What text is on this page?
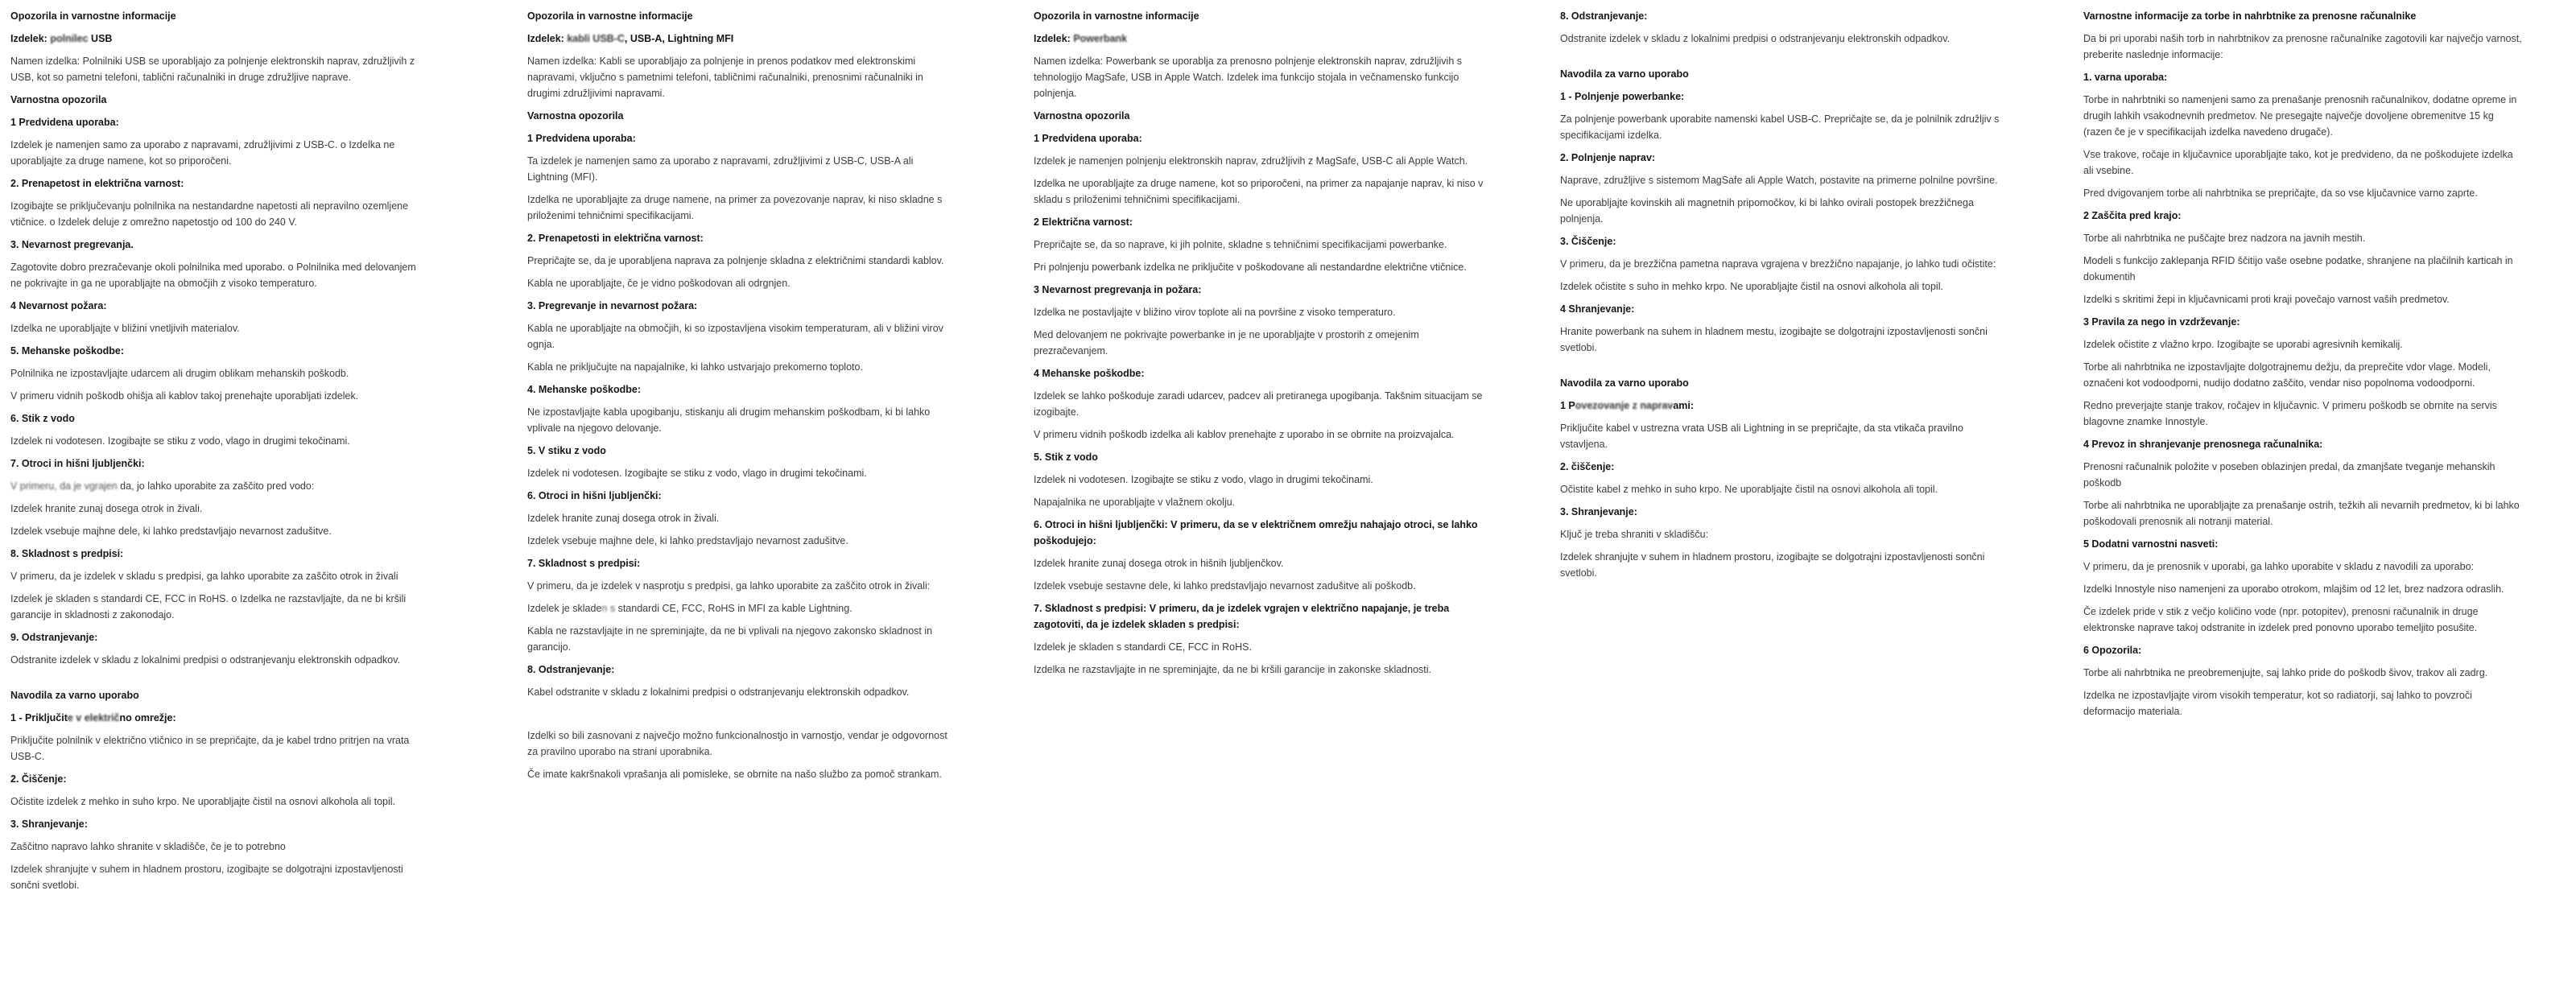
Opozorila in varnostne informacije
Izdelek: polnilec USB
Namen izdelka: Polnilniki USB se uporabljajo za polnjenje elektronskih naprav, združljivih z USB, kot so pametni telefoni, tablični računalniki in druge združljive naprave.
Varnostna opozorila
1 Predvidena uporaba:
Izdelek je namenjen samo za uporabo z napravami, združljivimi z USB-C. o Izdelka ne uporabljajte za druge namene, kot so priporočeni.
2. Prenapetost in električna varnost:
Izogibajte se priključevanju polnilnika na nestandardne napetosti ali nepravilno ozemljene vtičnice. o Izdelek deluje z omrežno napetostjo od 100 do 240 V.
3. Nevarnost pregrevanja.
Zagotovite dobro prezračevanje okoli polnilnika med uporabo. o Polnilnika med delovanjem ne pokrivajte in ga ne uporabljajte na območjih z visoko temperaturo.
4 Nevarnost požara:
Izdelka ne uporabljajte v bližini vnetljivih materialov.
5. Mehanske poškodbe:
Polnilnika ne izpostavljajte udarcem ali drugim oblikam mehanskih poškodb.
V primeru vidnih poškodb ohišja ali kablov takoj prenehajte uporabljati izdelek.
6. Stik z vodo
Izdelek ni vodotesen. Izogibajte se stiku z vodo, vlago in drugimi tekočinami.
7. Otroci in hišni ljubljenčki:
V primeru, da je vgrajen da, jo lahko uporabite za zaščito pred vodo:
Izdelek hranite zunaj dosega otrok in živali.
Izdelek vsebuje majhne dele, ki lahko predstavljajo nevarnost zadušitve.
8. Skladnost s predpisi:
V primeru, da je izdelek v skladu s predpisi, ga lahko uporabite za zaščito otrok in živali
Izdelek je skladen s standardi CE, FCC in RoHS. o Izdelka ne razstavljajte, da ne bi kršili garancije in skladnosti z zakonodajo.
9. Odstranjevanje:
Odstranite izdelek v skladu z lokalnimi predpisi o odstranjevanju elektronskih odpadkov.
Navodila za varno uporabo
1 - Priključite v električno omrežje:
Priključite polnilnik v električno vtičnico in se prepričajte, da je kabel trdno pritrjen na vrata USB-C.
2. Čiščenje:
Očistite izdelek z mehko in suho krpo. Ne uporabljajte čistil na osnovi alkohola ali topil.
3. Shranjevanje:
Zaščitno napravo lahko shranite v skladišče, če je to potrebno
Izdelek shranjujte v suhem in hladnem prostoru, izogibajte se dolgotrajni izpostavljenosti sončni svetlobi.
Opozorila in varnostne informacije
Izdelek: kabli USB-C, USB-A, Lightning MFI
Namen izdelka: Kabli se uporabljajo za polnjenje in prenos podatkov med elektronskimi napravami, vključno s pametnimi telefoni, tabličnimi računalniki, prenosnimi računalniki in drugimi združljivimi napravami.
Varnostna opozorila
1 Predvidena uporaba:
Ta izdelek je namenjen samo za uporabo z napravami, združljivimi z USB-C, USB-A ali Lightning (MFI).
Izdelka ne uporabljajte za druge namene, na primer za povezovanje naprav, ki niso skladne s priloženimi tehničnimi specifikacijami.
2. Prenapetosti in električna varnost:
Prepričajte se, da je uporabljena naprava za polnjenje skladna z električnimi standardi kablov.
Kabla ne uporabljajte, če je vidno poškodovan ali odrgnjen.
3. Pregrevanje in nevarnost požara:
Kabla ne uporabljajte na območjih, ki so izpostavljena visokim temperaturam, ali v bližini virov ognja.
Kabla ne priključujte na napajalnike, ki lahko ustvarjajo prekomerno toploto.
4. Mehanske poškodbe:
Ne izpostavljajte kabla upogibanju, stiskanju ali drugim mehanskim poškodbam, ki bi lahko vplivale na njegovo delovanje.
5. V stiku z vodo
Izdelek ni vodotesen. Izogibajte se stiku z vodo, vlago in drugimi tekočinami.
6. Otroci in hišni ljubljenčki:
Izdelek hranite zunaj dosega otrok in živali.
Izdelek vsebuje majhne dele, ki lahko predstavljajo nevarnost zadušitve.
7. Skladnost s predpisi:
V primeru, da je izdelek v nasprotju s predpisi, ga lahko uporabite za zaščito otrok in živali:
Izdelek je skladen s standardi CE, FCC, RoHS in MFI za kable Lightning.
Kabla ne razstavljajte in ne spreminjajte, da ne bi vplivali na njegovo zakonsko skladnost in garancijo.
8. Odstranjevanje:
Kabel odstranite v skladu z lokalnimi predpisi o odstranjevanju elektronskih odpadkov.
Izdelki so bili zasnovani z največjo možno funkcionalnostjo in varnostjo, vendar je odgovornost za pravilno uporabo na strani uporabnika.
Če imate kakršnakoli vprašanja ali pomisleke, se obrnite na našo službo za pomoč strankam.
Opozorila in varnostne informacije
Izdelek: Powerbank
Namen izdelka: Powerbank se uporablja za prenosno polnjenje elektronskih naprav, združljivih s tehnologijo MagSafe, USB in Apple Watch. Izdelek ima funkcijo stojala in večnamensko funkcijo polnjenja.
Varnostna opozorila
1 Predvidena uporaba:
Izdelek je namenjen polnjenju elektronskih naprav, združljivih z MagSafe, USB-C ali Apple Watch.
Izdelka ne uporabljajte za druge namene, kot so priporočeni, na primer za napajanje naprav, ki niso v skladu s priloženimi tehničnimi specifikacijami.
2 Električna varnost:
Prepričajte se, da so naprave, ki jih polnite, skladne s tehničnimi specifikacijami powerbanke.
Pri polnjenju powerbank izdelka ne priključite v poškodovane ali nestandardne električne vtičnice.
3 Nevarnost pregrevanja in požara:
Izdelka ne postavljajte v bližino virov toplote ali na površine z visoko temperaturo.
Med delovanjem ne pokrivajte powerbanke in je ne uporabljajte v prostorih z omejenim prezračevanjem.
4 Mehanske poškodbe:
Izdelek se lahko poškoduje zaradi udarcev, padcev ali pretiranega upogibanja. Takšnim situacijam se izogibajte.
V primeru vidnih poškodb izdelka ali kablov prenehajte z uporabo in se obrnite na proizvajalca.
5. Stik z vodo
Izdelek ni vodotesen. Izogibajte se stiku z vodo, vlago in drugimi tekočinami.
Napajalnika ne uporabljajte v vlažnem okolju.
6. Otroci in hišni ljubljenčki: V primeru, da se v električnem omrežju nahajajo otroci, se lahko poškodujejo:
Izdelek hranite zunaj dosega otrok in hišnih ljubljenčkov.
Izdelek vsebuje sestavne dele, ki lahko predstavljajo nevarnost zadušitve ali poškodb.
7. Skladnost s predpisi: V primeru, da je izdelek vgrajen v električno napajanje, je treba zagotoviti, da je izdelek skladen s predpisi:
Izdelek je skladen s standardi CE, FCC in RoHS.
Izdelka ne razstavljajte in ne spreminjajte, da ne bi kršili garancije in zakonske skladnosti.
8. Odstranjevanje:
Odstranite izdelek v skladu z lokalnimi predpisi o odstranjevanju elektronskih odpadkov.
Navodila za varno uporabo
1 - Polnjenje powerbanke:
Za polnjenje powerbank uporabite namenski kabel USB-C. Prepričajte se, da je polnilnik združljiv s specifikacijami izdelka.
2. Polnjenje naprav:
Naprave, združljive s sistemom MagSafe ali Apple Watch, postavite na primerne polnilne površine.
Ne uporabljajte kovinskih ali magnetnih pripomočkov, ki bi lahko ovirali postopek brezžičnega polnjenja.
3. Čiščenje:
V primeru, da je brezžična pametna naprava vgrajena v brezžično napajanje, jo lahko tudi očistite:
Izdelek očistite s suho in mehko krpo. Ne uporabljajte čistil na osnovi alkohola ali topil.
4 Shranjevanje:
Hranite powerbank na suhem in hladnem mestu, izogibajte se dolgotrajni izpostavljenosti sončni svetlobi.
Navodila za varno uporabo
1 Povezovanje z napravami:
Priključite kabel v ustrezna vrata USB ali Lightning in se prepričajte, da sta vtikača pravilno vstavljena.
2. čiščenje:
Očistite kabel z mehko in suho krpo. Ne uporabljajte čistil na osnovi alkohola ali topil.
3. Shranjevanje:
Ključ je treba shraniti v skladišču:
Izdelek shranjujte v suhem in hladnem prostoru, izogibajte se dolgotrajni izpostavljenosti sončni svetlobi.
Varnostne informacije za torbe in nahrbtnike za prenosne računalnike
Da bi pri uporabi naših torb in nahrbtnikov za prenosne računalnike zagotovili kar največjo varnost, preberite naslednje informacije:
1. varna uporaba:
Torbe in nahrbtniki so namenjeni samo za prenašanje prenosnih računalnikov, dodatne opreme in drugih lahkih vsakodnevnih predmetov. Ne presegajte največje dovoljene obremenitve 15 kg (razen če je v specifikacijah izdelka navedeno drugače).
Vse trakove, ročaje in ključavnice uporabljajte tako, kot je predvideno, da ne poškodujete izdelka ali vsebine.
Pred dvigovanjem torbe ali nahrbtnika se prepričajte, da so vse ključavnice varno zaprte.
2 Zaščita pred krajo:
Torbe ali nahrbtnika ne puščajte brez nadzora na javnih mestih.
Modeli s funkcijo zaklepanja RFID ščitijo vaše osebne podatke, shranjene na plačilnih karticah in dokumentih
Izdelki s skritimi žepi in ključavnicami proti kraji povečajo varnost vaših predmetov.
3 Pravila za nego in vzdrževanje:
Izdelek očistite z vlažno krpo. Izogibajte se uporabi agresivnih kemikalij.
Torbe ali nahrbtnika ne izpostavljajte dolgotrajnemu dežju, da preprečite vdor vlage. Modeli, označeni kot vodoodporni, nudijo dodatno zaščito, vendar niso popolnoma vodoodporni.
Redno preverjajte stanje trakov, ročajev in ključavnic. V primeru poškodb se obrnite na servis blagovne znamke Innostyle.
4 Prevoz in shranjevanje prenosnega računalnika:
Prenosni računalnik položite v poseben oblazinjen predal, da zmanjšate tveganje mehanskih poškodb
Torbe ali nahrbtnika ne uporabljajte za prenašanje ostrih, težkih ali nevarnih predmetov, ki bi lahko poškodovali prenosnik ali notranji material.
5 Dodatni varnostni nasveti:
V primeru, da je prenosnik v uporabi, ga lahko uporabite v skladu z navodili za uporabo:
Izdelki Innostyle niso namenjeni za uporabo otrokom, mlajšim od 12 let, brez nadzora odraslih.
Če izdelek pride v stik z večjo količino vode (npr. potopitev), prenosni računalnik in druge elektronske naprave takoj odstranite in izdelek pred ponovno uporabo temeljito posušite.
6 Opozorila:
Torbe ali nahrbtnika ne preobremenjujte, saj lahko pride do poškodb šivov, trakov ali zadrg.
Izdelka ne izpostavljajte virom visokih temperatur, kot so radiatorji, saj lahko to povzroči deformacijo materiala.
